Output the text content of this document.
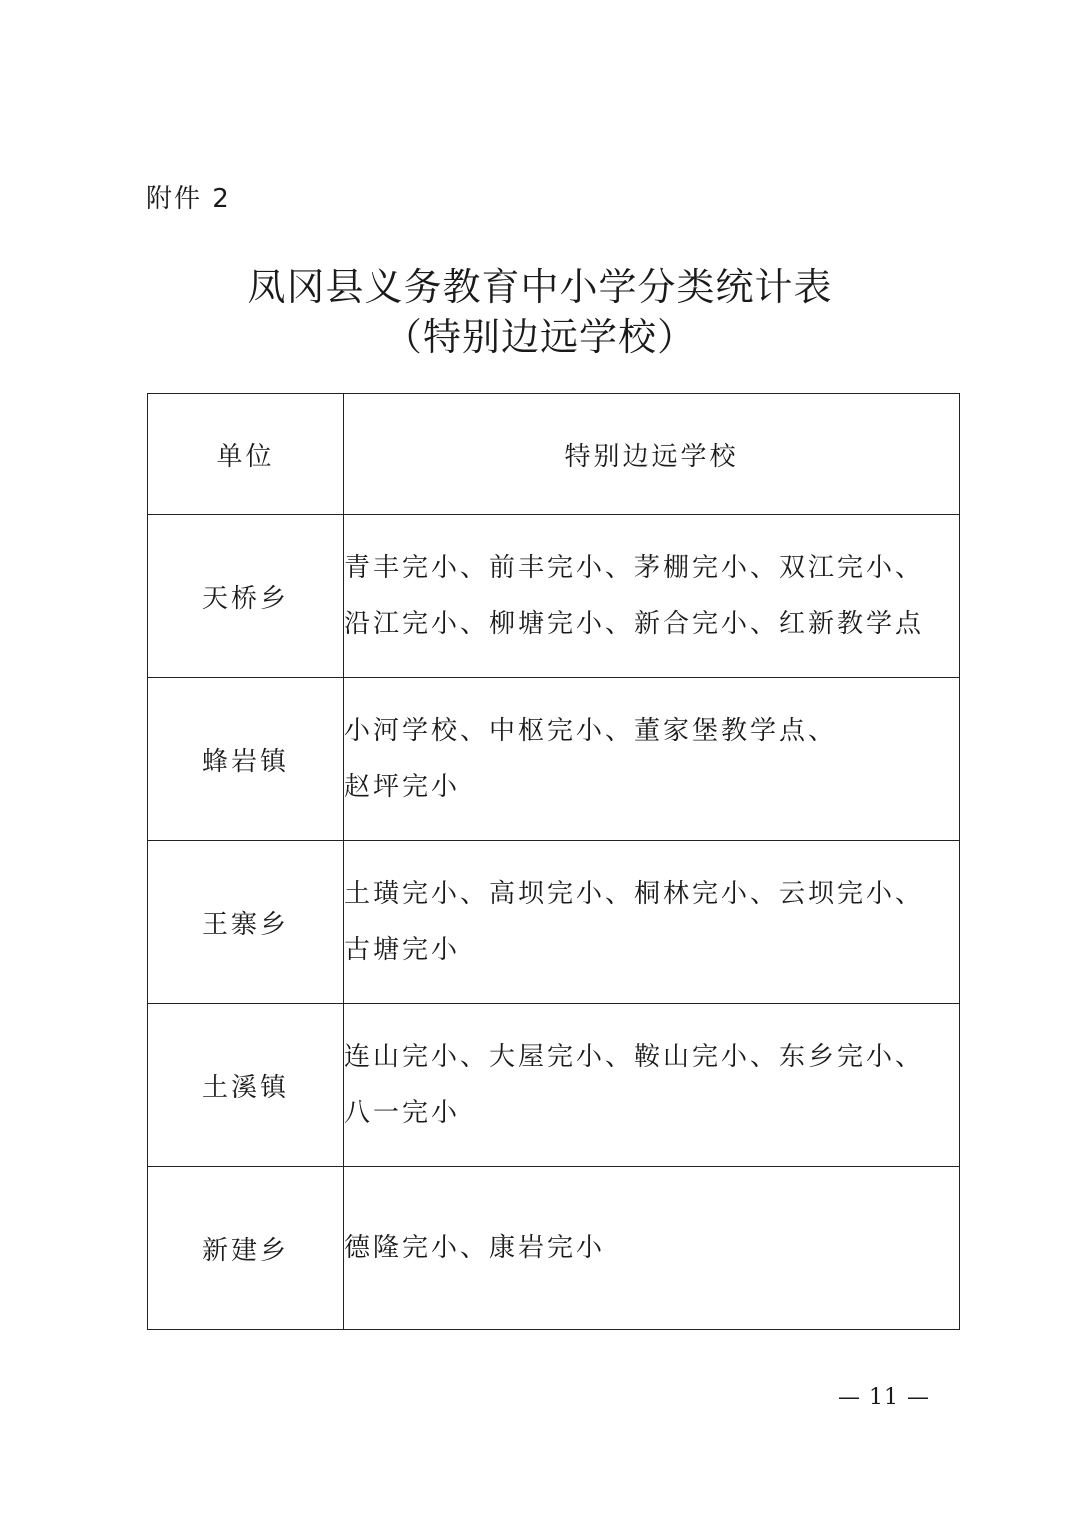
附件 2
凤冈县义务教育中小学分类统计表
（特别边远学校）
单位	特别边远学校
天桥乡	青丰完小、前丰完小、茅棚完小、双江完小、
沿江完小、柳塘完小、新合完小、红新教学点

蜂岩镇	小河学校、中枢完小、董家堡教学点、
赵坪完小

王寨乡	土璜完小、高坝完小、桐林完小、云坝完小、
古塘完小

土溪镇	连山完小、大屋完小、鞍山完小、东乡完小、
八一完小

新建乡	德隆完小、康岩完小
— 11 —
